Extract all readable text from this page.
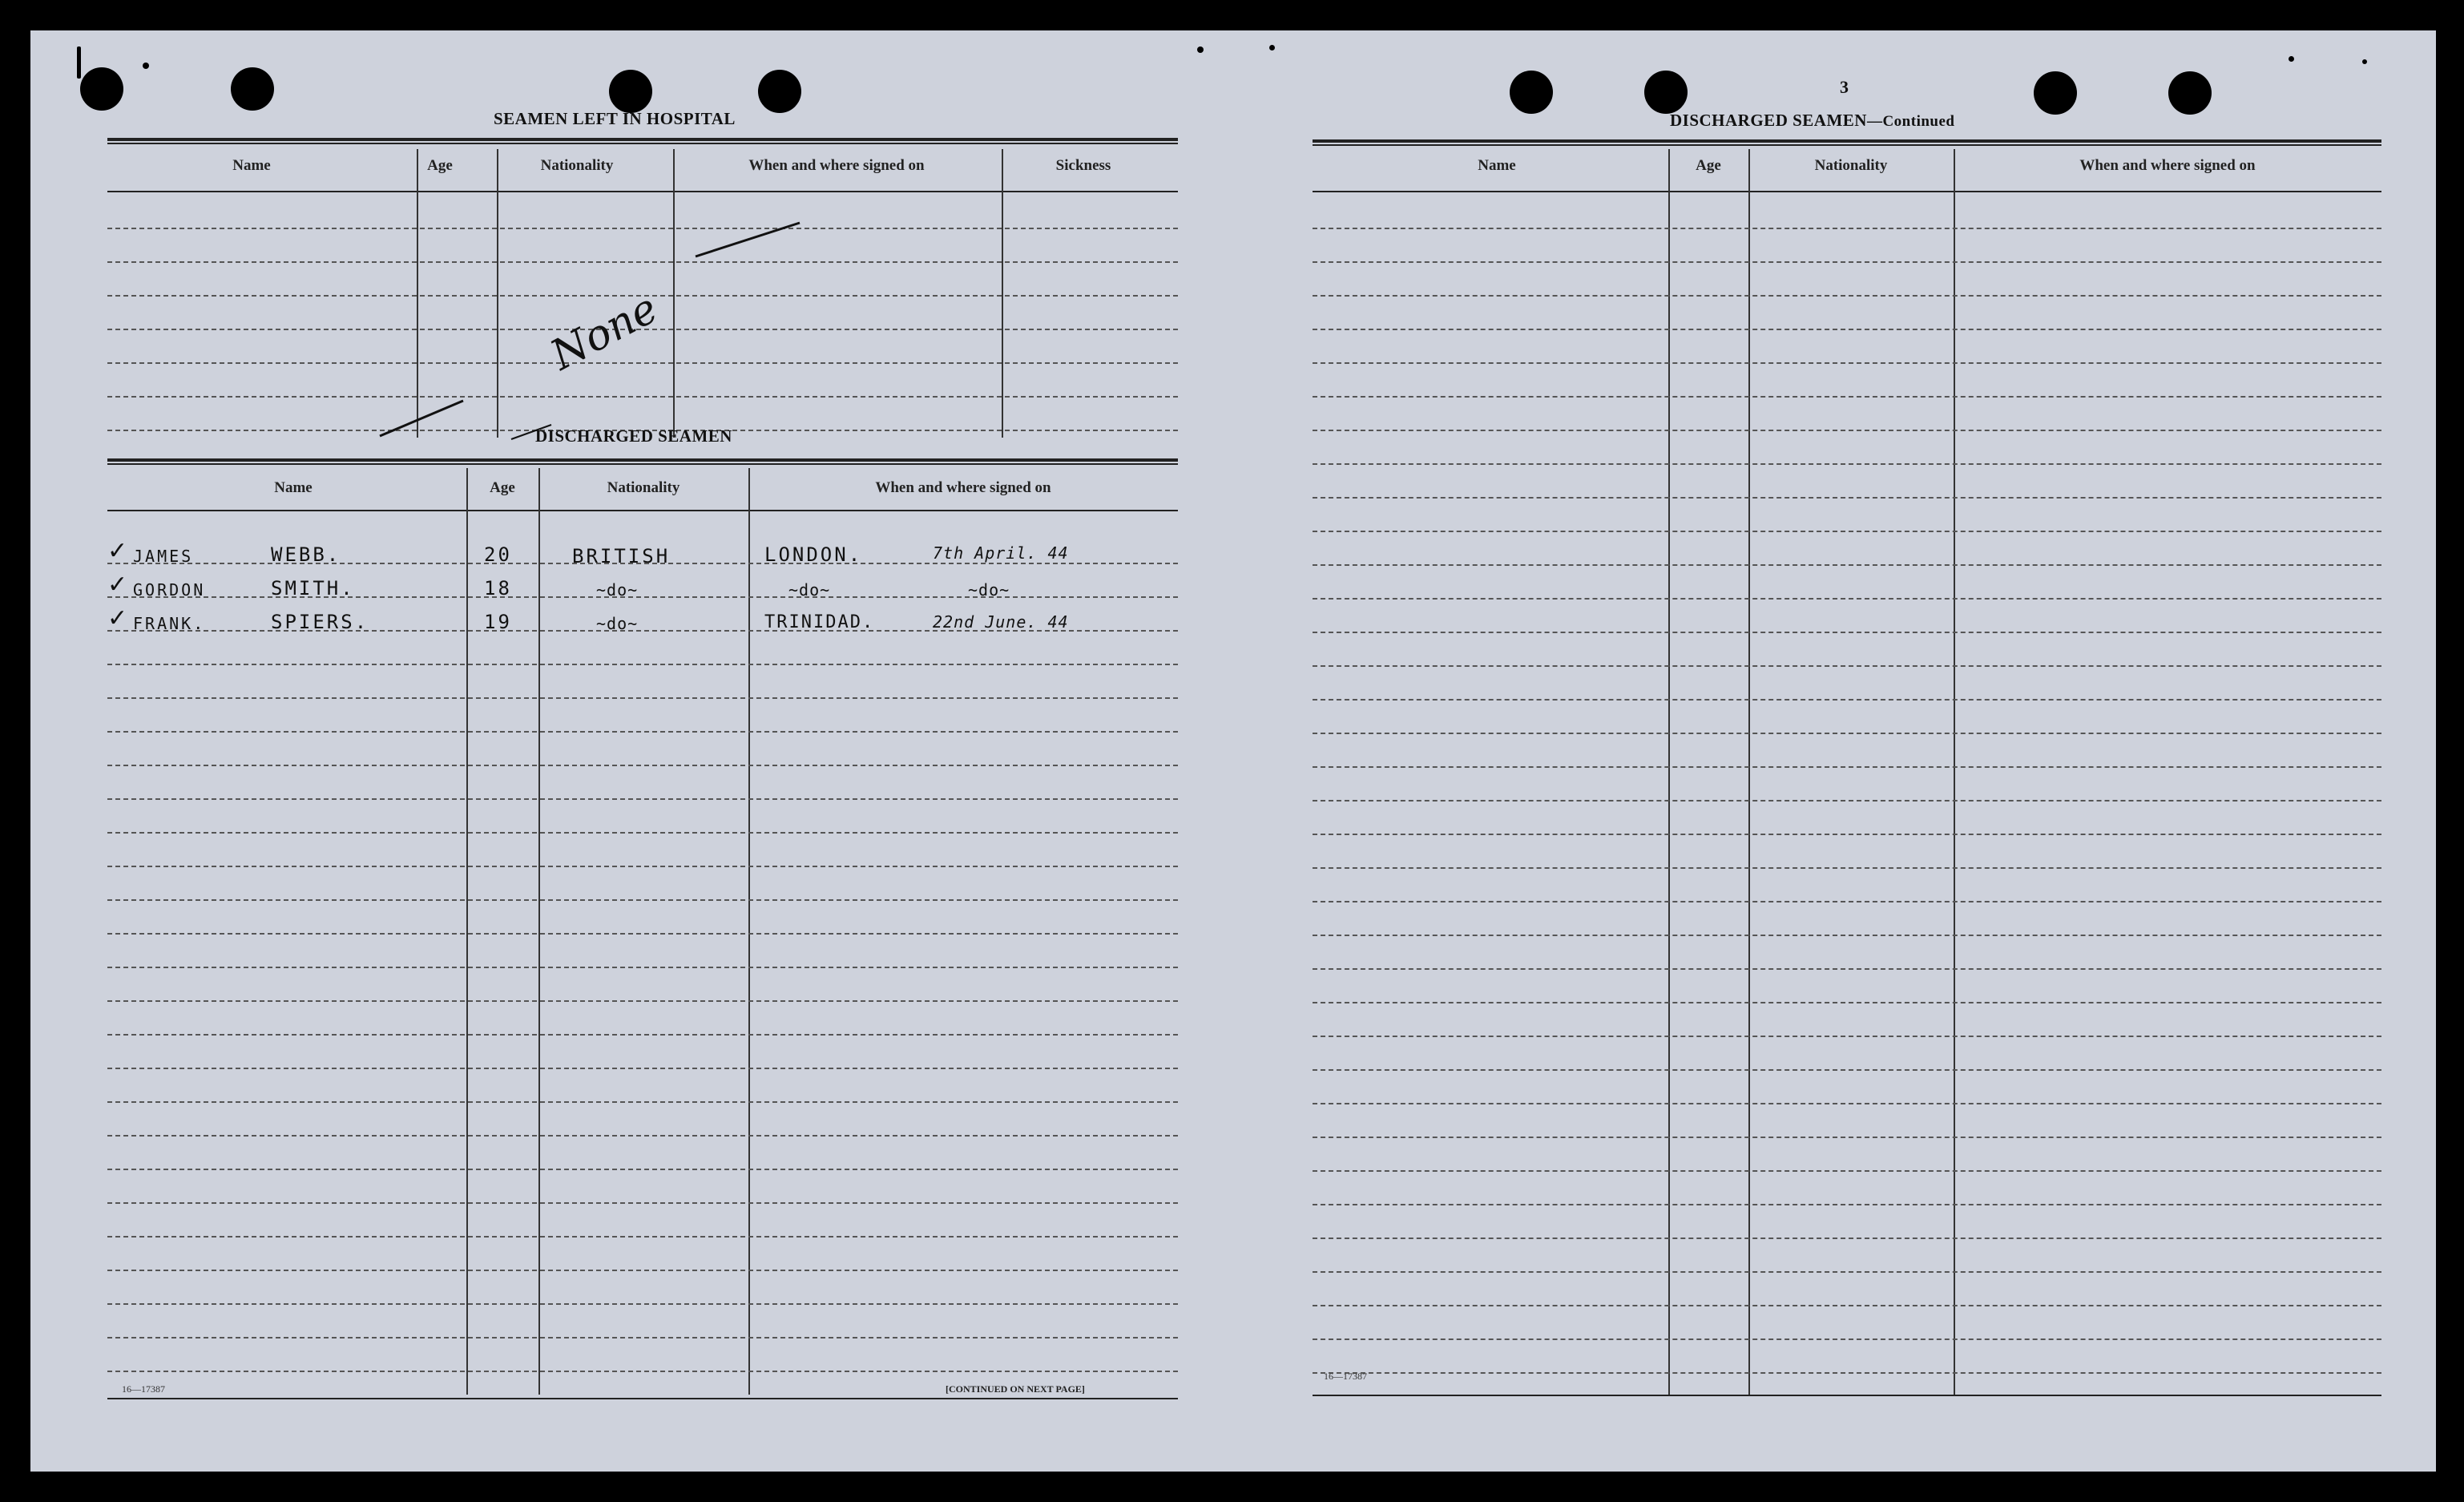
SEAMEN LEFT IN HOSPITAL
Name	Age	Nationality	When and where signed on	Sickness
None
DISCHARGED SEAMEN
Name	Age	Nationality	When and where signed on
✓ JAMES	WEBB.	20	BRITISH	LONDON.	7th April. 44
✓ GORDON	SMITH.	18	~do~	~do~	~do~
✓ FRANK.	SPIERS.	19	~do~	TRINIDAD.	22nd June. 44
16—17387	[CONTINUED ON NEXT PAGE]
3
DISCHARGED SEAMEN—Continued
Name	Age	Nationality	When and where signed on
16—17387
